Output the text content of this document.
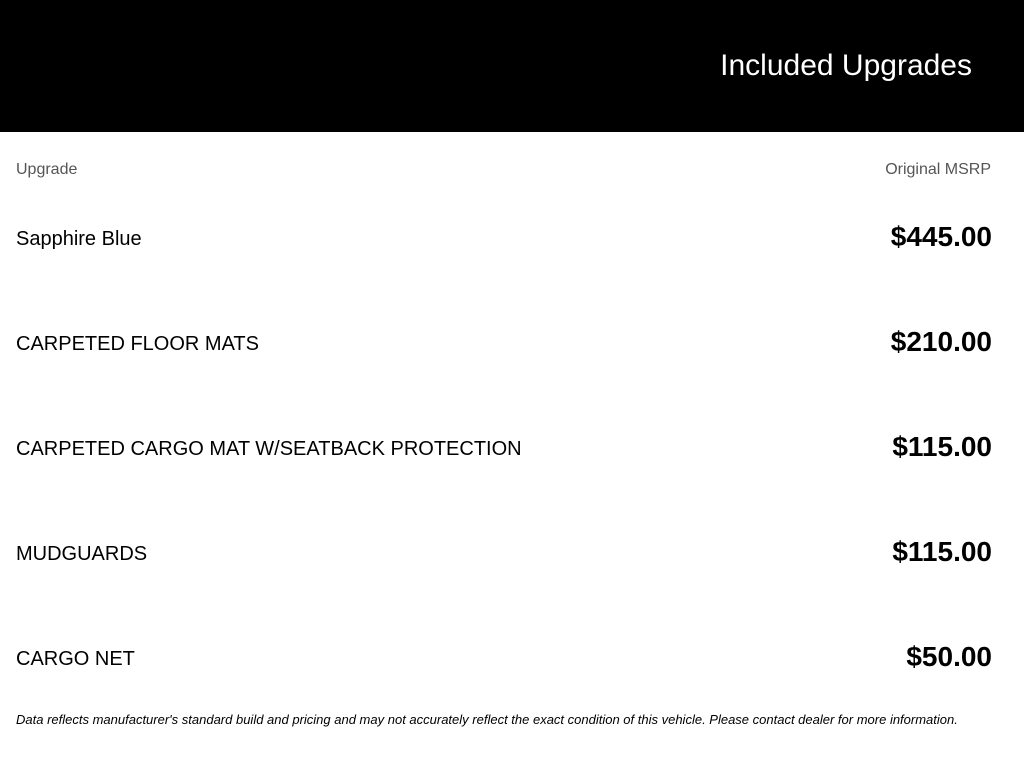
Included Upgrades
Upgrade	Original MSRP
Sapphire Blue	$445.00
CARPETED FLOOR MATS	$210.00
CARPETED CARGO MAT W/SEATBACK PROTECTION	$115.00
MUDGUARDS	$115.00
CARGO NET	$50.00
Data reflects manufacturer's standard build and pricing and may not accurately reflect the exact condition of this vehicle. Please contact dealer for more information.
